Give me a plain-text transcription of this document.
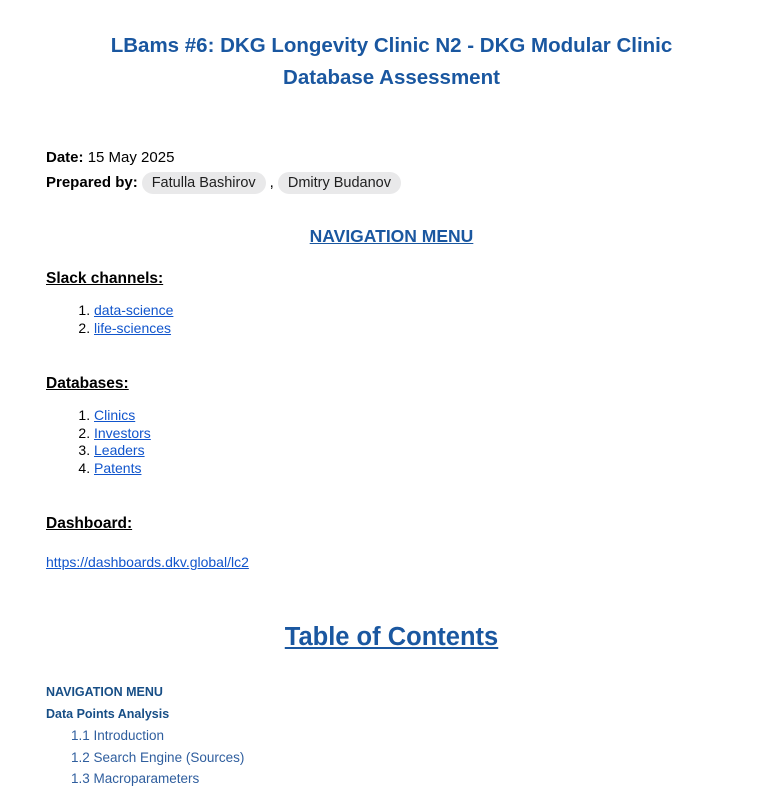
LBams #6: DKG Longevity Clinic N2 - DKG Modular Clinic Database Assessment

Date: 15 May 2025

Prepared by: Fatulla Bashirov , Dmitry Budanov

NAVIGATION MENU
Slack channels:
1. data-science
2. life-sciences
Databases:
1. Clinics
2. Investors
3. Leaders
4. Patents
Dashboard:

https://dashboards.dkv.global/lc2

Table of Contents
NAVIGATION MENU
Data Points Analysis
1.1 Introduction
1.2 Search Engine (Sources)
1.3 Macroparameters
